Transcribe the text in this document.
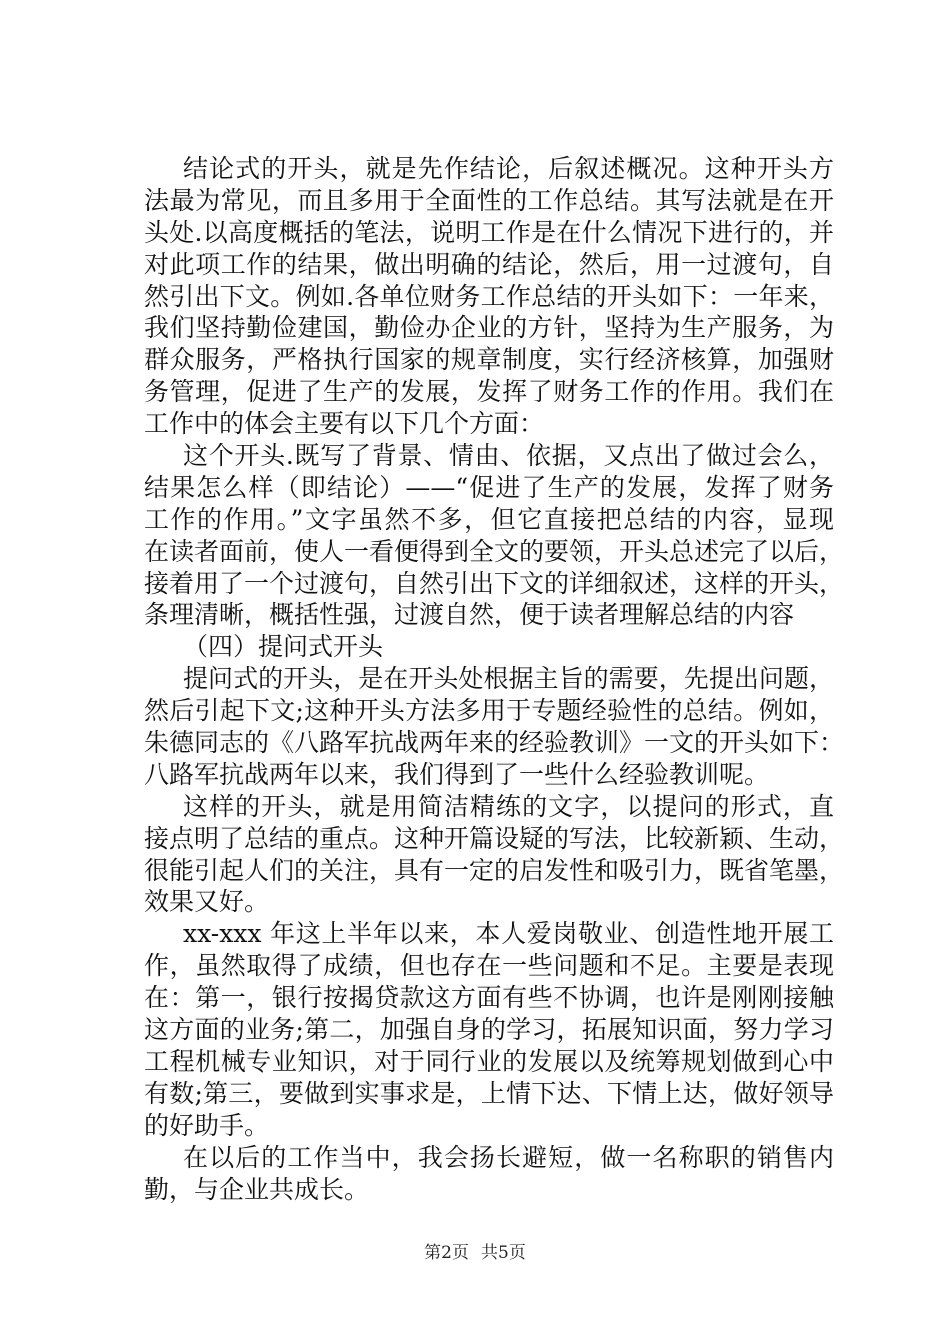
结论式的开头，就是先作结论，后叙述概况。这种开头方
法最为常见，而且多用于全面性的工作总结。其写法就是在开
头处.以高度概括的笔法，说明工作是在什么情况下进行的，并
对此项工作的结果，做出明确的结论，然后，用一过渡句，自
然引出下文。例如.各单位财务工作总结的开头如下：一年来，
我们坚持勤俭建国，勤俭办企业的方针，坚持为生产服务，为
群众服务，严格执行国家的规章制度，实行经济核算，加强财
务管理，促进了生产的发展，发挥了财务工作的作用。我们在
工作中的体会主要有以下几个方面：
这个开头.既写了背景、情由、依据，又点出了做过会么，
结果怎么样（即结论）——“促进了生产的发展，发挥了财务
工作的作用。”文字虽然不多，但它直接把总结的内容，显现
在读者面前，使人一看便得到全文的要领，开头总述完了以后，
接着用了一个过渡句，自然引出下文的详细叙述，这样的开头，
条理清晰，概括性强，过渡自然，便于读者理解总结的内容
（四）提问式开头
提问式的开头，是在开头处根据主旨的需要，先提出问题，
然后引起下文;这种开头方法多用于专题经验性的总结。例如，
朱德同志的《八路军抗战两年来的经验教训》一文的开头如下：
八路军抗战两年以来，我们得到了一些什么经验教训呢。
这样的开头，就是用简洁精练的文字，以提问的形式，直
接点明了总结的重点。这种开篇设疑的写法，比较新颖、生动，
很能引起人们的关注，具有一定的启发性和吸引力，既省笔墨，
效果又好。
xx-xxx 年这上半年以来，本人爱岗敬业、创造性地开展工
作，虽然取得了成绩，但也存在一些问题和不足。主要是表现
在：第一，银行按揭贷款这方面有些不协调，也许是刚刚接触
这方面的业务;第二，加强自身的学习，拓展知识面，努力学习
工程机械专业知识，对于同行业的发展以及统筹规划做到心中
有数;第三，要做到实事求是，上情下达、下情上达，做好领导
的好助手。
在以后的工作当中，我会扬长避短，做一名称职的销售内
勤，与企业共成长。
第2页 共5页
